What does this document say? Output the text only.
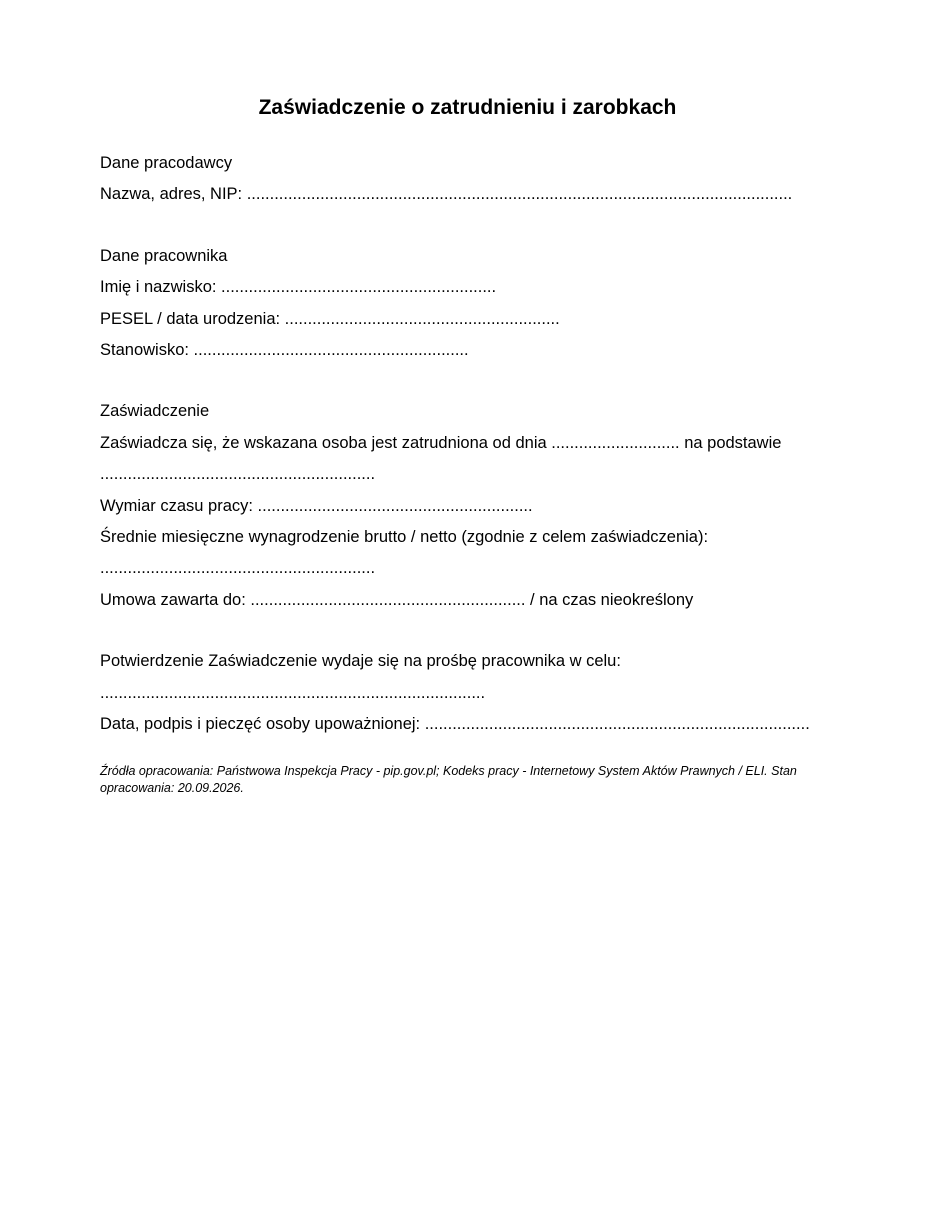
Zaświadczenie o zatrudnieniu i zarobkach
Dane pracodawcy
Nazwa, adres, NIP: .......................................................................................................................
Dane pracownika
Imię i nazwisko: ............................................................
PESEL / data urodzenia: ............................................................
Stanowisko: ............................................................
Zaświadczenie
Zaświadcza się, że wskazana osoba jest zatrudniona od dnia ............................ na podstawie
............................................................
Wymiar czasu pracy: ............................................................
Średnie miesięczne wynagrodzenie brutto / netto (zgodnie z celem zaświadczenia):
............................................................
Umowa zawarta do: ............................................................ / na czas nieokreślony
Potwierdzenie Zaświadczenie wydaje się na prośbę pracownika w celu:
....................................................................................
Data, podpis i pieczęć osoby upoważnionej: ....................................................................................
Źródła opracowania: Państwowa Inspekcja Pracy - pip.gov.pl; Kodeks pracy - Internetowy System Aktów Prawnych / ELI. Stan opracowania: 20.09.2026.
